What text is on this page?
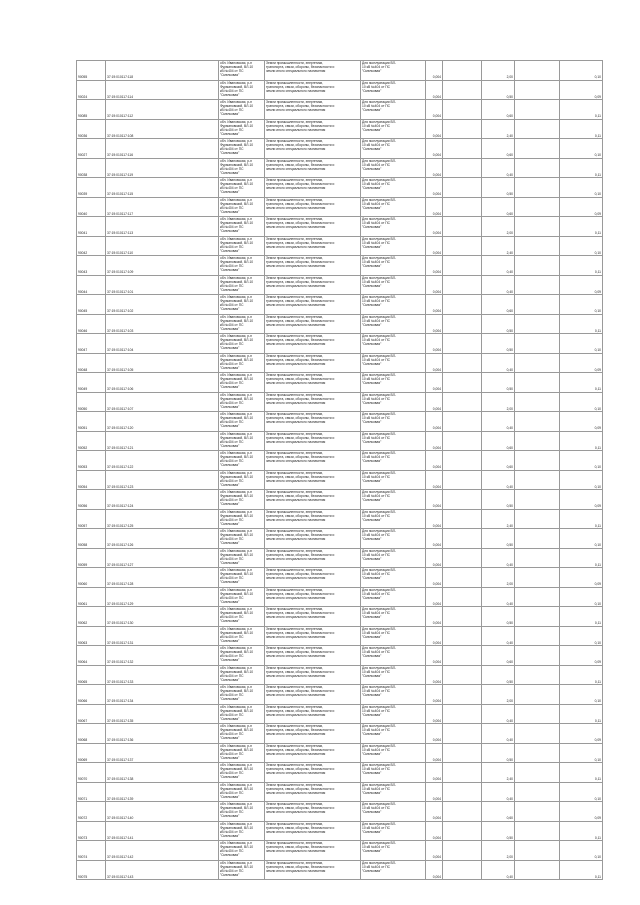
90055	37:19:010117:118	обл. Ивановская, р-н
Фурмановский, ВЛ-10
кВ №404 от ПС
"Смелковая"	Земли промышленности, энергетики,
транспорта, связи, обороны, безопасности и
земли иного специального назначения	Для эксплуатации ВЛ-
10 кВ №404 от ПС
"Смелковая"	0,004		2,00		0,10
90024	37:19:010117:114	обл. Ивановская, р-н
Фурмановский, ВЛ-10
кВ №404 от ПС
"Смелковая"	Земли промышленности, энергетики,
транспорта, связи, обороны, безопасности и
земли иного специального назначения	Для эксплуатации ВЛ-
10 кВ №404 от ПС
"Смелковая"	0,004		0,50		0,09
90085	37:19:010117:112	обл. Ивановская, р-н
Фурмановский, ВЛ-10
кВ №404 от ПС
"Смелковая"	Земли промышленности, энергетики,
транспорта, связи, обороны, безопасности и
земли иного специального назначения	Для эксплуатации ВЛ-
10 кВ №404 от ПС
"Смелковая"	0,004		0,60		0,11
90036	37:19:010117:108	обл. Ивановская, р-н
Фурмановский, ВЛ-10
кВ №404 от ПС
"Смелковая"	Земли промышленности, энергетики,
транспорта, связи, обороны, безопасности и
земли иного специального назначения	Для эксплуатации ВЛ-
10 кВ №404 от ПС
"Смелковая"	0,004		2,40		0,11
90027	37:19:010117:116	обл. Ивановская, р-н
Фурмановский, ВЛ-10
кВ №404 от ПС
"Смелковая"	Земли промышленности, энергетики,
транспорта, связи, обороны, безопасности и
земли иного специального назначения	Для эксплуатации ВЛ-
10 кВ №404 от ПС
"Смелковая"	0,004		0,60		0,10
90038	37:19:010117:119	обл. Ивановская, р-н
Фурмановский, ВЛ-10
кВ №404 от ПС
"Смелковая"	Земли промышленности, энергетики,
транспорта, связи, обороны, безопасности и
земли иного специального назначения	Для эксплуатации ВЛ-
10 кВ №404 от ПС
"Смелковая"	0,004		0,40		0,11
90039	37:19:010117:115	обл. Ивановская, р-н
Фурмановский, ВЛ-10
кВ №404 от ПС
"Смелковая"	Земли промышленности, энергетики,
транспорта, связи, обороны, безопасности и
земли иного специального назначения	Для эксплуатации ВЛ-
10 кВ №404 от ПС
"Смелковая"	0,004		0,50		0,10
90040	37:19:010117:117	обл. Ивановская, р-н
Фурмановский, ВЛ-10
кВ №404 от ПС
"Смелковая"	Земли промышленности, энергетики,
транспорта, связи, обороны, безопасности и
земли иного специального назначения	Для эксплуатации ВЛ-
10 кВ №404 от ПС
"Смелковая"	0,004		0,60		0,09
90041	37:19:010117:113	обл. Ивановская, р-н
Фурмановский, ВЛ-10
кВ №404 от ПС
"Смелковая"	Земли промышленности, энергетики,
транспорта, связи, обороны, безопасности и
земли иного специального назначения	Для эксплуатации ВЛ-
10 кВ №404 от ПС
"Смелковая"	0,004		2,00		0,11
90042	37:19:010117:110	обл. Ивановская, р-н
Фурмановский, ВЛ-10
кВ №404 от ПС
"Смелковая"	Земли промышленности, энергетики,
транспорта, связи, обороны, безопасности и
земли иного специального назначения	Для эксплуатации ВЛ-
10 кВ №404 от ПС
"Смелковая"	0,004		2,40		0,10
90043	37:19:010117:109	обл. Ивановская, р-н
Фурмановский, ВЛ-10
кВ №404 от ПС
"Смелковая"	Земли промышленности, энергетики,
транспорта, связи, обороны, безопасности и
земли иного специального назначения	Для эксплуатации ВЛ-
10 кВ №404 от ПС
"Смелковая"	0,004		0,40		0,11
90044	37:19:010117:101	обл. Ивановская, р-н
Фурмановский, ВЛ-10
кВ №404 от ПС
"Смелковая"	Земли промышленности, энергетики,
транспорта, связи, обороны, безопасности и
земли иного специального назначения	Для эксплуатации ВЛ-
10 кВ №404 от ПС
"Смелковая"	0,004		0,40		0,09
90045	37:19:010117:102	обл. Ивановская, р-н
Фурмановский, ВЛ-10
кВ №404 от ПС
"Смелковая"	Земли промышленности, энергетики,
транспорта, связи, обороны, безопасности и
земли иного специального назначения	Для эксплуатации ВЛ-
10 кВ №404 от ПС
"Смелковая"	0,004		0,60		0,10
90046	37:19:010117:103	обл. Ивановская, р-н
Фурмановский, ВЛ-10
кВ №404 от ПС
"Смелковая"	Земли промышленности, энергетики,
транспорта, связи, обороны, безопасности и
земли иного специального назначения	Для эксплуатации ВЛ-
10 кВ №404 от ПС
"Смелковая"	0,004		0,50		0,11
90047	37:19:010117:104	обл. Ивановская, р-н
Фурмановский, ВЛ-10
кВ №404 от ПС
"Смелковая"	Земли промышленности, энергетики,
транспорта, связи, обороны, безопасности и
земли иного специального назначения	Для эксплуатации ВЛ-
10 кВ №404 от ПС
"Смелковая"	0,004		0,50		0,10
90048	37:19:010117:105	обл. Ивановская, р-н
Фурмановский, ВЛ-10
кВ №404 от ПС
"Смелковая"	Земли промышленности, энергетики,
транспорта, связи, обороны, безопасности и
земли иного специального назначения	Для эксплуатации ВЛ-
10 кВ №404 от ПС
"Смелковая"	0,004		0,40		0,09
90049	37:19:010117:106	обл. Ивановская, р-н
Фурмановский, ВЛ-10
кВ №404 от ПС
"Смелковая"	Земли промышленности, энергетики,
транспорта, связи, обороны, безопасности и
земли иного специального назначения	Для эксплуатации ВЛ-
10 кВ №404 от ПС
"Смелковая"	0,004		0,50		0,11
90050	37:19:010117:107	обл. Ивановская, р-н
Фурмановский, ВЛ-10
кВ №404 от ПС
"Смелковая"	Земли промышленности, энергетики,
транспорта, связи, обороны, безопасности и
земли иного специального назначения	Для эксплуатации ВЛ-
10 кВ №404 от ПС
"Смелковая"	0,004		2,00		0,10
90051	37:19:010117:120	обл. Ивановская, р-н
Фурмановский, ВЛ-10
кВ №404 от ПС
"Смелковая"	Земли промышленности, энергетики,
транспорта, связи, обороны, безопасности и
земли иного специального назначения	Для эксплуатации ВЛ-
10 кВ №404 от ПС
"Смелковая"	0,004		0,40		0,09
90052	37:19:010117:121	обл. Ивановская, р-н
Фурмановский, ВЛ-10
кВ №404 от ПС
"Смелковая"	Земли промышленности, энергетики,
транспорта, связи, обороны, безопасности и
земли иного специального назначения	Для эксплуатации ВЛ-
10 кВ №404 от ПС
"Смелковая"	0,004		0,60		0,11
90053	37:19:010117:122	обл. Ивановская, р-н
Фурмановский, ВЛ-10
кВ №404 от ПС
"Смелковая"	Земли промышленности, энергетики,
транспорта, связи, обороны, безопасности и
земли иного специального назначения	Для эксплуатации ВЛ-
10 кВ №404 от ПС
"Смелковая"	0,004		0,60		0,10
90054	37:19:010117:123	обл. Ивановская, р-н
Фурмановский, ВЛ-10
кВ №404 от ПС
"Смелковая"	Земли промышленности, энергетики,
транспорта, связи, обороны, безопасности и
земли иного специального назначения	Для эксплуатации ВЛ-
10 кВ №404 от ПС
"Смелковая"	0,004		0,40		0,10
90056	37:19:010117:124	обл. Ивановская, р-н
Фурмановский, ВЛ-10
кВ №404 от ПС
"Смелковая"	Земли промышленности, энергетики,
транспорта, связи, обороны, безопасности и
земли иного специального назначения	Для эксплуатации ВЛ-
10 кВ №404 от ПС
"Смелковая"	0,004		0,50		0,09
90057	37:19:010117:125	обл. Ивановская, р-н
Фурмановский, ВЛ-10
кВ №404 от ПС
"Смелковая"	Земли промышленности, энергетики,
транспорта, связи, обороны, безопасности и
земли иного специального назначения	Для эксплуатации ВЛ-
10 кВ №404 от ПС
"Смелковая"	0,004		2,40		0,11
90058	37:19:010117:126	обл. Ивановская, р-н
Фурмановский, ВЛ-10
кВ №404 от ПС
"Смелковая"	Земли промышленности, энергетики,
транспорта, связи, обороны, безопасности и
земли иного специального назначения	Для эксплуатации ВЛ-
10 кВ №404 от ПС
"Смелковая"	0,004		0,50		0,10
90059	37:19:010117:127	обл. Ивановская, р-н
Фурмановский, ВЛ-10
кВ №404 от ПС
"Смелковая"	Земли промышленности, энергетики,
транспорта, связи, обороны, безопасности и
земли иного специального назначения	Для эксплуатации ВЛ-
10 кВ №404 от ПС
"Смелковая"	0,004		0,40		0,11
90060	37:19:010117:128	обл. Ивановская, р-н
Фурмановский, ВЛ-10
кВ №404 от ПС
"Смелковая"	Земли промышленности, энергетики,
транспорта, связи, обороны, безопасности и
земли иного специального назначения	Для эксплуатации ВЛ-
10 кВ №404 от ПС
"Смелковая"	0,004		2,00		0,09
90061	37:19:010117:129	обл. Ивановская, р-н
Фурмановский, ВЛ-10
кВ №404 от ПС
"Смелковая"	Земли промышленности, энергетики,
транспорта, связи, обороны, безопасности и
земли иного специального назначения	Для эксплуатации ВЛ-
10 кВ №404 от ПС
"Смелковая"	0,004		0,40		0,10
90062	37:19:010117:130	обл. Ивановская, р-н
Фурмановский, ВЛ-10
кВ №404 от ПС
"Смелковая"	Земли промышленности, энергетики,
транспорта, связи, обороны, безопасности и
земли иного специального назначения	Для эксплуатации ВЛ-
10 кВ №404 от ПС
"Смелковая"	0,004		0,50		0,11
90063	37:19:010117:131	обл. Ивановская, р-н
Фурмановский, ВЛ-10
кВ №404 от ПС
"Смелковая"	Земли промышленности, энергетики,
транспорта, связи, обороны, безопасности и
земли иного специального назначения	Для эксплуатации ВЛ-
10 кВ №404 от ПС
"Смелковая"	0,004		0,40		0,10
90064	37:19:010117:132	обл. Ивановская, р-н
Фурмановский, ВЛ-10
кВ №404 от ПС
"Смелковая"	Земли промышленности, энергетики,
транспорта, связи, обороны, безопасности и
земли иного специального назначения	Для эксплуатации ВЛ-
10 кВ №404 от ПС
"Смелковая"	0,004		0,60		0,09
90065	37:19:010117:133	обл. Ивановская, р-н
Фурмановский, ВЛ-10
кВ №404 от ПС
"Смелковая"	Земли промышленности, энергетики,
транспорта, связи, обороны, безопасности и
земли иного специального назначения	Для эксплуатации ВЛ-
10 кВ №404 от ПС
"Смелковая"	0,004		0,50		0,11
90066	37:19:010117:134	обл. Ивановская, р-н
Фурмановский, ВЛ-10
кВ №404 от ПС
"Смелковая"	Земли промышленности, энергетики,
транспорта, связи, обороны, безопасности и
земли иного специального назначения	Для эксплуатации ВЛ-
10 кВ №404 от ПС
"Смелковая"	0,004		2,00		0,10
90067	37:19:010117:135	обл. Ивановская, р-н
Фурмановский, ВЛ-10
кВ №404 от ПС
"Смелковая"	Земли промышленности, энергетики,
транспорта, связи, обороны, безопасности и
земли иного специального назначения	Для эксплуатации ВЛ-
10 кВ №404 от ПС
"Смелковая"	0,004		0,40		0,11
90068	37:19:010117:136	обл. Ивановская, р-н
Фурмановский, ВЛ-10
кВ №404 от ПС
"Смелковая"	Земли промышленности, энергетики,
транспорта, связи, обороны, безопасности и
земли иного специального назначения	Для эксплуатации ВЛ-
10 кВ №404 от ПС
"Смелковая"	0,004		0,40		0,09
90069	37:19:010117:137	обл. Ивановская, р-н
Фурмановский, ВЛ-10
кВ №404 от ПС
"Смелковая"	Земли промышленности, энергетики,
транспорта, связи, обороны, безопасности и
земли иного специального назначения	Для эксплуатации ВЛ-
10 кВ №404 от ПС
"Смелковая"	0,004		0,50		0,10
90070	37:19:010117:138	обл. Ивановская, р-н
Фурмановский, ВЛ-10
кВ №404 от ПС
"Смелковая"	Земли промышленности, энергетики,
транспорта, связи, обороны, безопасности и
земли иного специального назначения	Для эксплуатации ВЛ-
10 кВ №404 от ПС
"Смелковая"	0,004		2,40		0,11
90071	37:19:010117:139	обл. Ивановская, р-н
Фурмановский, ВЛ-10
кВ №404 от ПС
"Смелковая"	Земли промышленности, энергетики,
транспорта, связи, обороны, безопасности и
земли иного специального назначения	Для эксплуатации ВЛ-
10 кВ №404 от ПС
"Смелковая"	0,004		0,40		0,10
90072	37:19:010117:140	обл. Ивановская, р-н
Фурмановский, ВЛ-10
кВ №404 от ПС
"Смелковая"	Земли промышленности, энергетики,
транспорта, связи, обороны, безопасности и
земли иного специального назначения	Для эксплуатации ВЛ-
10 кВ №404 от ПС
"Смелковая"	0,004		0,60		0,09
90073	37:19:010117:141	обл. Ивановская, р-н
Фурмановский, ВЛ-10
кВ №404 от ПС
"Смелковая"	Земли промышленности, энергетики,
транспорта, связи, обороны, безопасности и
земли иного специального назначения	Для эксплуатации ВЛ-
10 кВ №404 от ПС
"Смелковая"	0,004		0,50		0,11
90074	37:19:010117:142	обл. Ивановская, р-н
Фурмановский, ВЛ-10
кВ №404 от ПС
"Смелковая"	Земли промышленности, энергетики,
транспорта, связи, обороны, безопасности и
земли иного специального назначения	Для эксплуатации ВЛ-
10 кВ №404 от ПС
"Смелковая"	0,004		2,00		0,10
90075	37:19:010117:143	обл. Ивановская, р-н
Фурмановский, ВЛ-10
кВ №404 от ПС
"Смелковая"	Земли промышленности, энергетики,
транспорта, связи, обороны, безопасности и
земли иного специального назначения	Для эксплуатации ВЛ-
10 кВ №404 от ПС
"Смелковая"	0,004		0,40		0,11
